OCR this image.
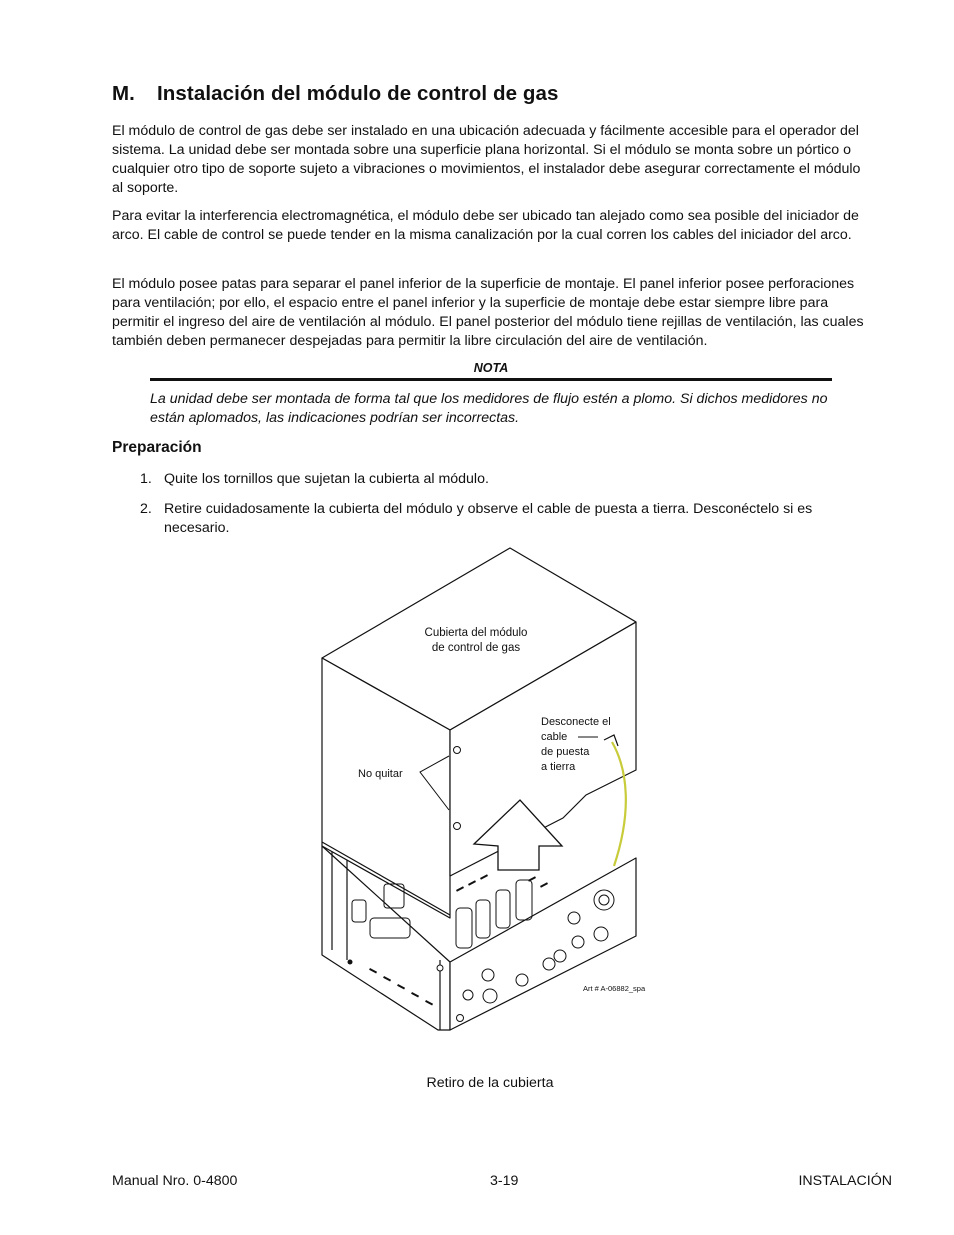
M. Instalación del módulo de control de gas

El módulo de control de gas debe ser instalado en una ubicación adecuada y fácilmente accesible para el operador del sistema. La unidad debe ser montada sobre una superficie plana horizontal. Si el módulo se monta sobre un pórtico o cualquier otro tipo de soporte sujeto a vibraciones o movimientos, el instalador debe asegurar correctamente el módulo al soporte.

Para evitar la interferencia electromagnética, el módulo debe ser ubicado tan alejado como sea posible del iniciador de arco. El cable de control se puede tender en la misma canalización por la cual corren los cables del iniciador del arco.

El módulo posee patas para separar el panel inferior de la superficie de montaje. El panel inferior posee perforaciones para ventilación; por ello, el espacio entre el panel inferior y la superficie de montaje debe estar siempre libre para permitir el ingreso del aire de ventilación al módulo. El panel posterior del módulo tiene rejillas de ventilación, las cuales también deben permanecer despejadas para permitir la libre circulación del aire de ventilación.

NOTA

La unidad debe ser montada de forma tal que los medidores de flujo estén a plomo. Si dichos medidores no están aplomados, las indicaciones podrían ser incorrectas.

Preparación
1. Quite los tornillos que sujetan la cubierta al módulo.
2. Retire cuidadosamente la cubierta del módulo y observe el cable de puesta a tierra. Desconéctelo si es necesario.
Cubierta del módulo
de control de gas
Desconecte el
cable
de puesta
a tierra
No quitar
Art # A-06882_spa
Retiro de la cubierta
Manual Nro. 0-4800	3-19	INSTALACIÓN
